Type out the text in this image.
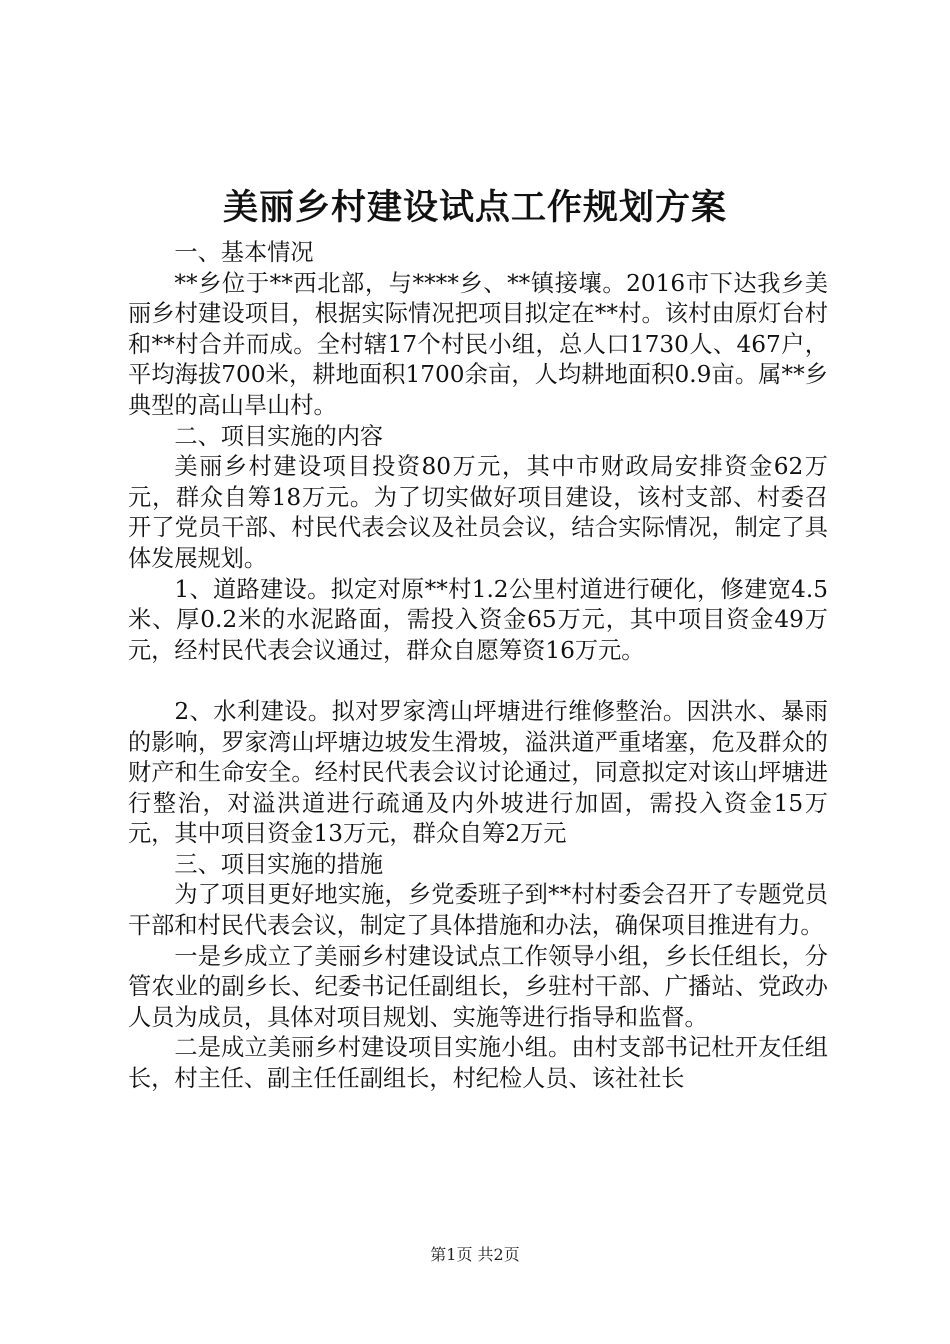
美丽乡村建设试点工作规划方案

一、基本情况

**乡位于**西北部，与****乡、**镇接壤。2016市下达我乡美丽乡村建设项目，根据实际情况把项目拟定在**村。该村由原灯台村和**村合并而成。全村辖17个村民小组，总人口1730人、467户，平均海拔700米，耕地面积1700余亩，人均耕地面积0.9亩。属**乡典型的高山旱山村。

二、项目实施的内容

美丽乡村建设项目投资80万元，其中市财政局安排资金62万元，群众自筹18万元。为了切实做好项目建设，该村支部、村委召开了党员干部、村民代表会议及社员会议，结合实际情况，制定了具体发展规划。

1、道路建设。拟定对原**村1.2公里村道进行硬化，修建宽4.5米、厚0.2米的水泥路面，需投入资金65万元，其中项目资金49万元，经村民代表会议通过，群众自愿筹资16万元。

2、水利建设。拟对罗家湾山坪塘进行维修整治。因洪水、暴雨的影响，罗家湾山坪塘边坡发生滑坡，溢洪道严重堵塞，危及群众的财产和生命安全。经村民代表会议讨论通过，同意拟定对该山坪塘进行整治，对溢洪道进行疏通及内外坡进行加固，需投入资金15万元，其中项目资金13万元，群众自筹2万元

三、项目实施的措施

为了项目更好地实施，乡党委班子到**村村委会召开了专题党员干部和村民代表会议，制定了具体措施和办法，确保项目推进有力。

一是乡成立了美丽乡村建设试点工作领导小组，乡长任组长，分管农业的副乡长、纪委书记任副组长，乡驻村干部、广播站、党政办人员为成员，具体对项目规划、实施等进行指导和监督。

二是成立美丽乡村建设项目实施小组。由村支部书记杜开友任组长，村主任、副主任任副组长，村纪检人员、该社社长

第1页 共2页
